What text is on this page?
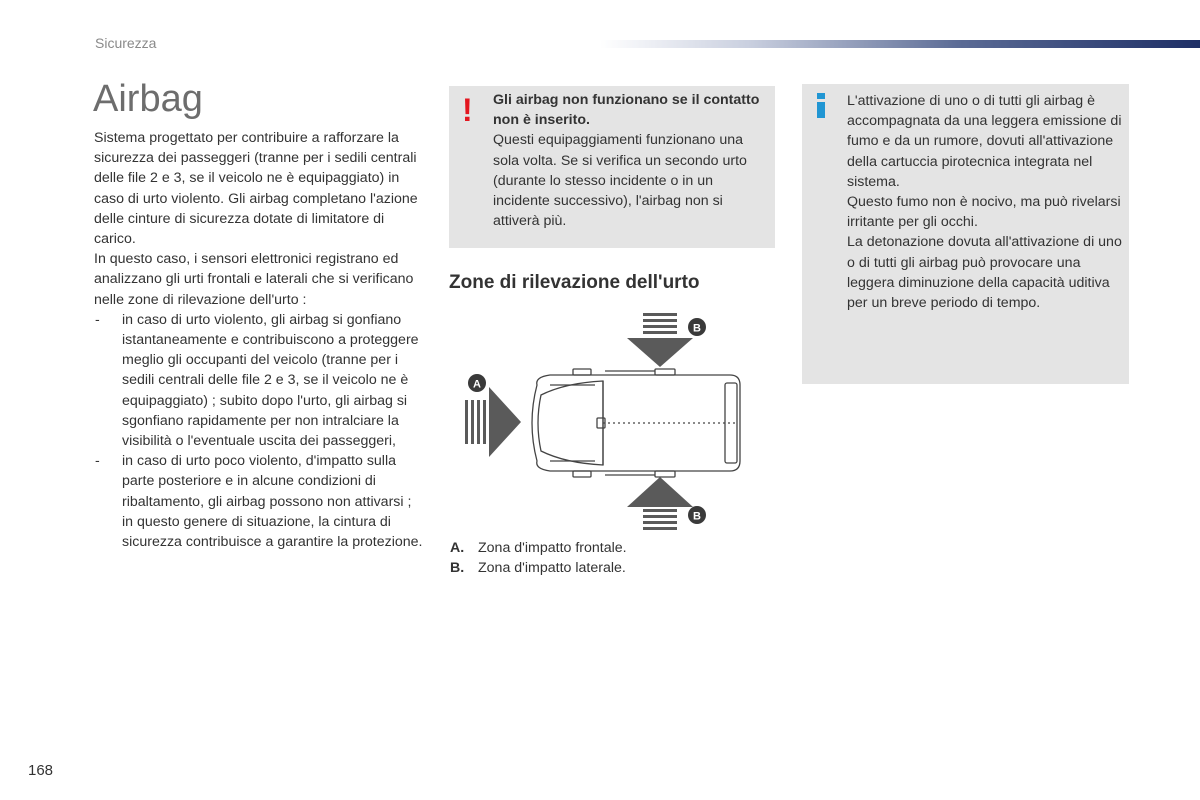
Sicurezza
Airbag

Sistema progettato per contribuire a rafforzare la sicurezza dei passeggeri (tranne per i sedili centrali delle file 2 e 3, se il veicolo ne è equipaggiato) in caso di urto violento. Gli airbag completano l'azione delle cinture di sicurezza dotate di limitatore di carico.

In questo caso, i sensori elettronici registrano ed analizzano gli urti frontali e laterali che si verificano nelle zone di rilevazione dell'urto :

-	in caso di urto violento, gli airbag si gonfiano istantaneamente e contribuiscono a proteggere meglio gli occupanti del veicolo (tranne per i sedili centrali delle file 2 e 3, se il veicolo ne è equipaggiato) ; subito dopo l'urto, gli airbag si sgonfiano rapidamente per non intralciare la visibilità o l'eventuale uscita dei passeggeri,
-	in caso di urto poco violento, d'impatto sulla parte posteriore e in alcune condizioni di ribaltamento, gli airbag possono non attivarsi ; in questo genere di situazione, la cintura di sicurezza contribuisce a garantire la protezione.
! Gli airbag non funzionano se il contatto non è inserito.
Questi equipaggiamenti funzionano una sola volta. Se si verifica un secondo urto (durante lo stesso incidente o in un incidente successivo), l'airbag non si attiverà più.
Zone di rilevazione dell'urto
B
A
B
A. Zona d'impatto frontale.
B. Zona d'impatto laterale.
L'attivazione di uno o di tutti gli airbag è accompagnata da una leggera emissione di fumo e da un rumore, dovuti all'attivazione della cartuccia pirotecnica integrata nel sistema.
Questo fumo non è nocivo, ma può rivelarsi irritante per gli occhi.
La detonazione dovuta all'attivazione di uno o di tutti gli airbag può provocare una leggera diminuzione della capacità uditiva per un breve periodo di tempo.
168
